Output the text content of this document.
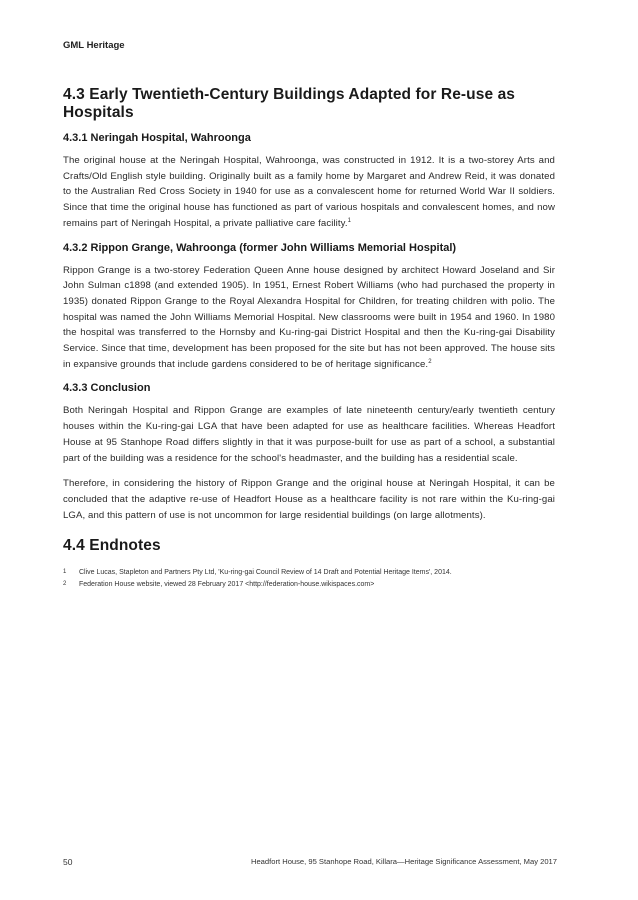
GML Heritage
4.3 Early Twentieth-Century Buildings Adapted for Re-use as Hospitals
4.3.1 Neringah Hospital, Wahroonga

The original house at the Neringah Hospital, Wahroonga, was constructed in 1912. It is a two-storey Arts and Crafts/Old English style building. Originally built as a family home by Margaret and Andrew Reid, it was donated to the Australian Red Cross Society in 1940 for use as a convalescent home for returned World War II soldiers. Since that time the original house has functioned as part of various hospitals and convalescent homes, and now remains part of Neringah Hospital, a private palliative care facility.$^1$

4.3.2 Rippon Grange, Wahroonga (former John Williams Memorial Hospital)

Rippon Grange is a two-storey Federation Queen Anne house designed by architect Howard Joseland and Sir John Sulman c1898 (and extended 1905). In 1951, Ernest Robert Williams (who had purchased the property in 1935) donated Rippon Grange to the Royal Alexandra Hospital for Children, for treating children with polio. The hospital was named the John Williams Memorial Hospital. New classrooms were built in 1954 and 1960. In 1980 the hospital was transferred to the Hornsby and Ku-ring-gai District Hospital and then the Ku-ring-gai Disability Service. Since that time, development has been proposed for the site but has not been approved. The house sits in expansive grounds that include gardens considered to be of heritage significance.$^2$

4.3.3 Conclusion

Both Neringah Hospital and Rippon Grange are examples of late nineteenth century/early twentieth century houses within the Ku-ring-gai LGA that have been adapted for use as healthcare facilities. Whereas Headfort House at 95 Stanhope Road differs slightly in that it was purpose-built for use as part of a school, a substantial part of the building was a residence for the school's headmaster, and the building has a residential scale.

Therefore, in considering the history of Rippon Grange and the original house at Neringah Hospital, it can be concluded that the adaptive re-use of Headfort House as a healthcare facility is not rare within the Ku-ring-gai LGA, and this pattern of use is not uncommon for large residential buildings (on large allotments).

4.4 Endnotes
1	Clive Lucas, Stapleton and Partners Pty Ltd, 'Ku-ring-gai Council Review of 14 Draft and Potential Heritage Items', 2014.
2	Federation House website, viewed 28 February 2017 <http://federation-house.wikispaces.com>
50	Headfort House, 95 Stanhope Road, Killara—Heritage Significance Assessment, May 2017
